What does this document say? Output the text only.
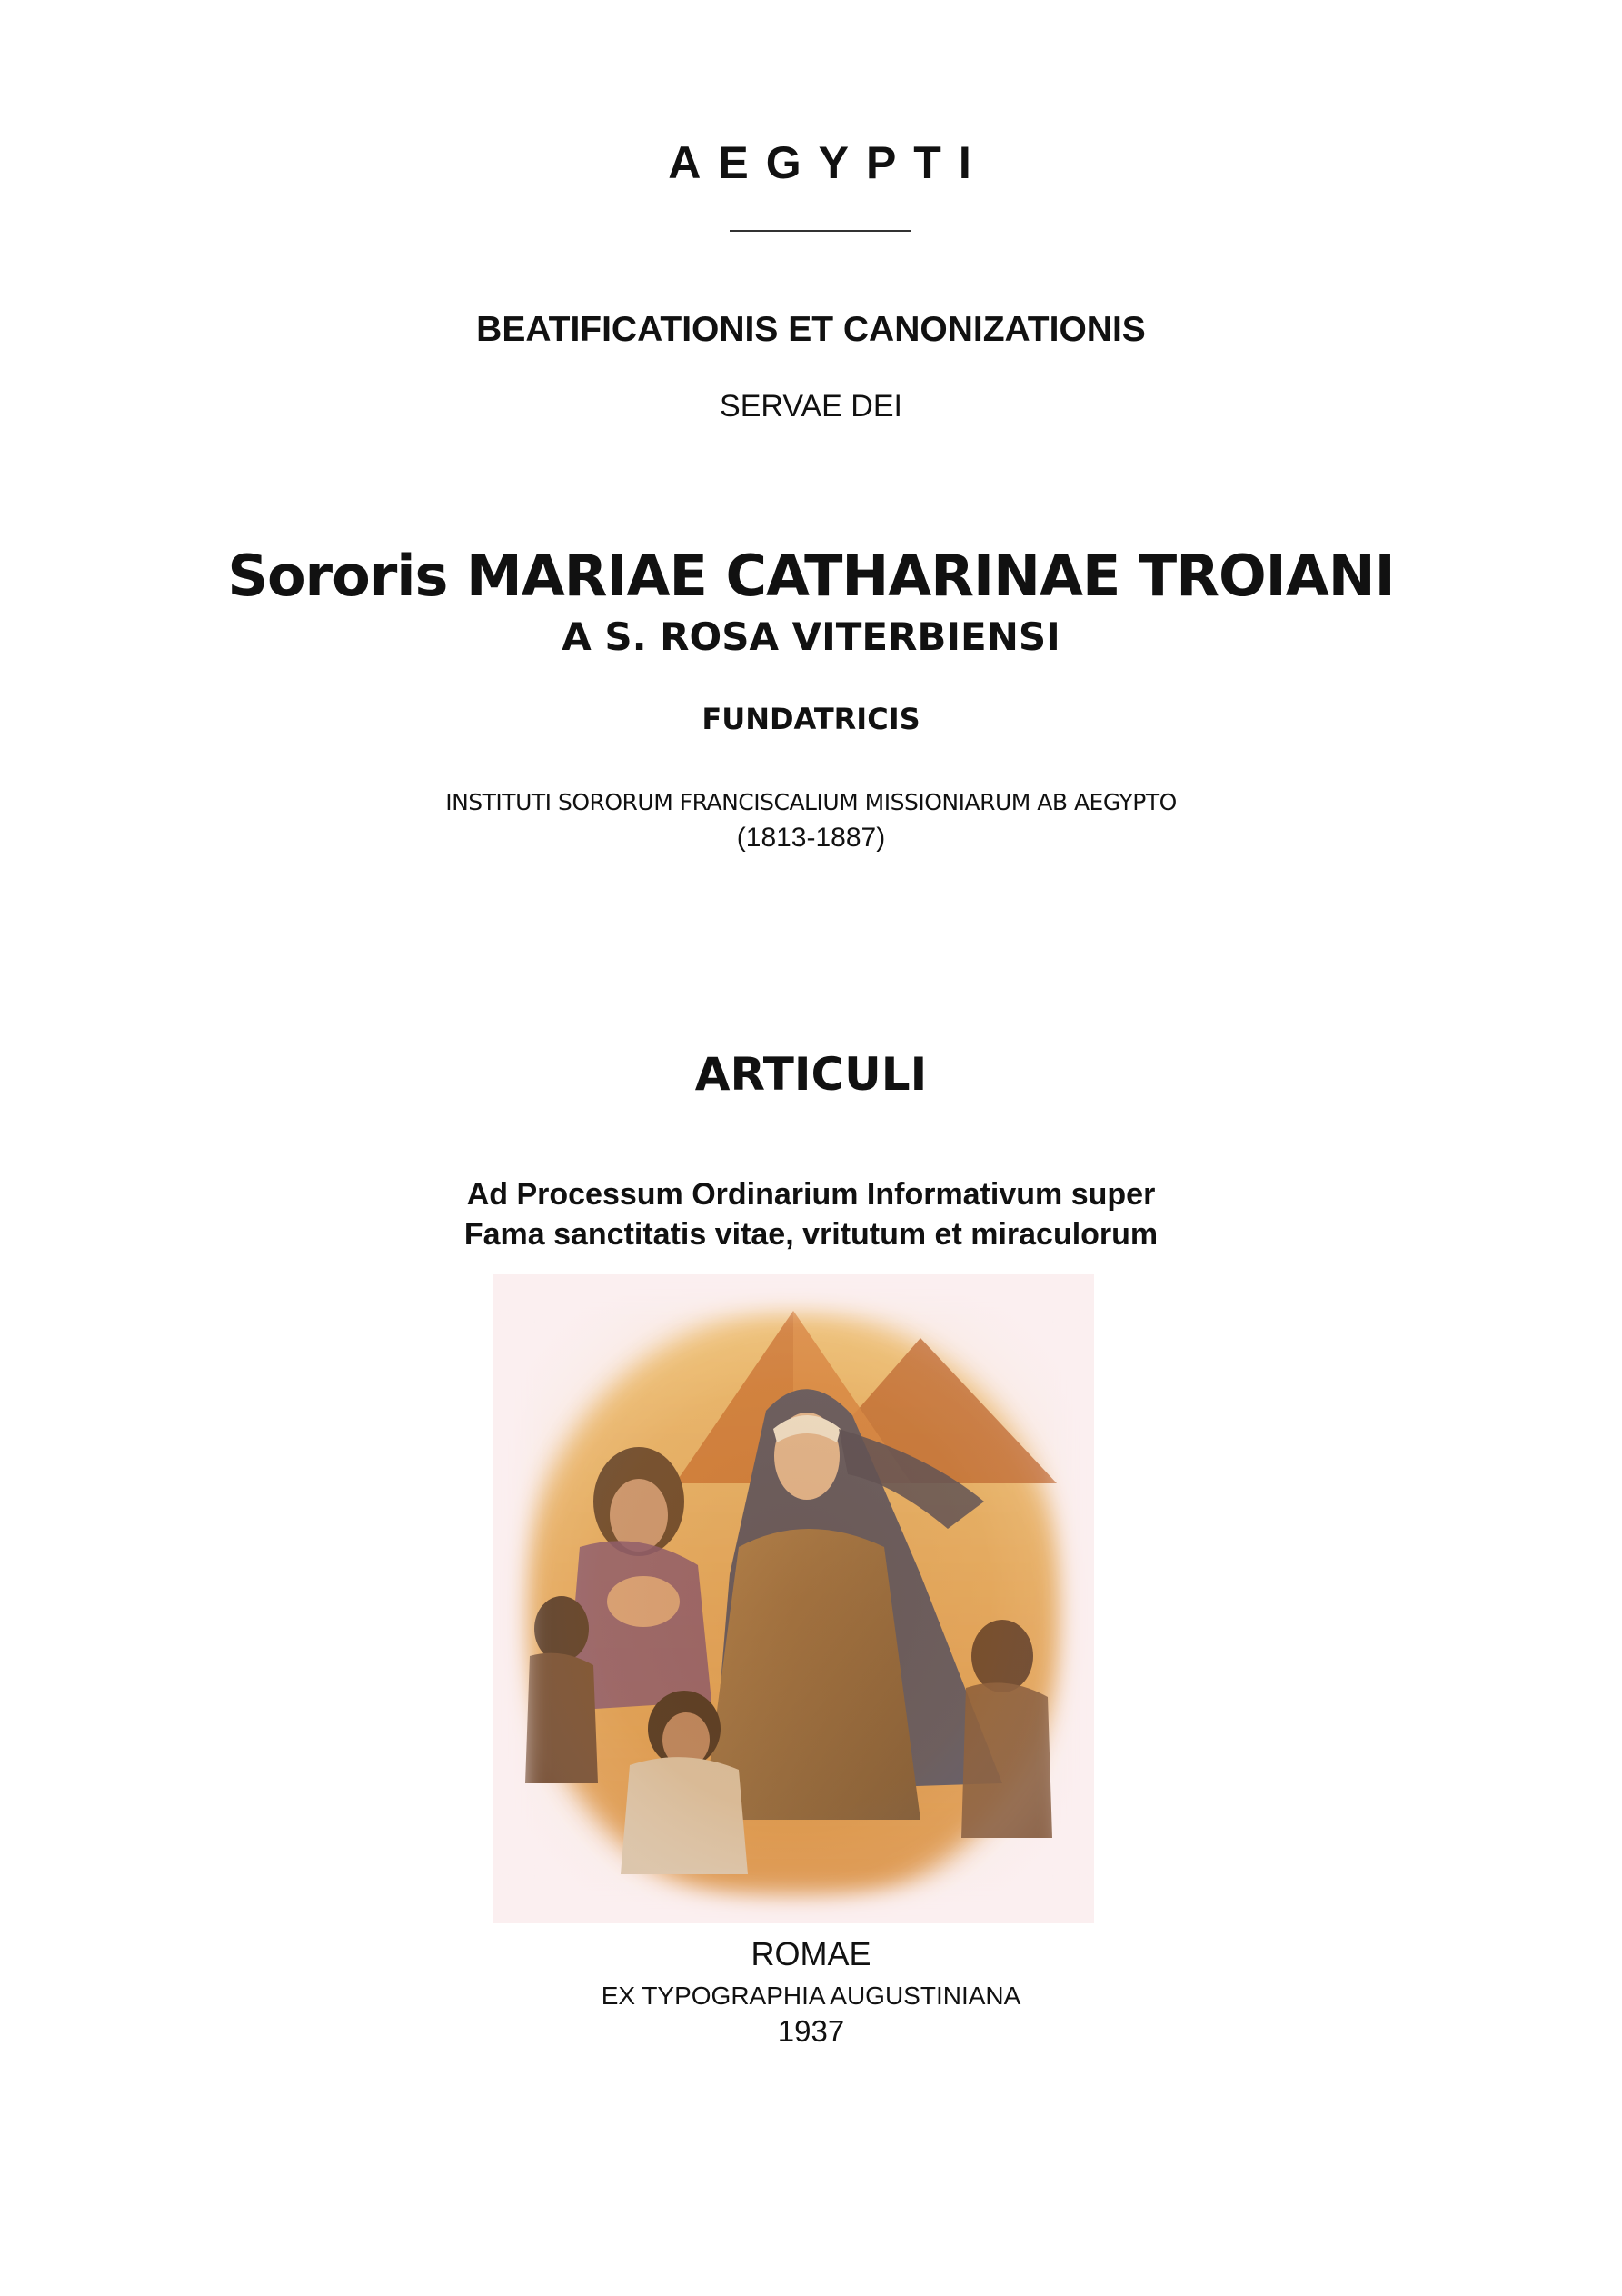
AEGYPTI
BEATIFICATIONIS ET CANONIZATIONIS
SERVAE DEI
Sororis MARIAE CATHARINAE TROIANI
A S. ROSA VITERBIENSI
FUNDATRICIS
INSTITUTI SORORUM FRANCISCALIUM MISSIONIARUM AB AEGYPTO
(1813-1887)
ARTICULI
Ad Processum Ordinarium Informativum super
Fama sanctitatis vitae, vritutum et miraculorum
ROMAE
EX TYPOGRAPHIA AUGUSTINIANA
1937
